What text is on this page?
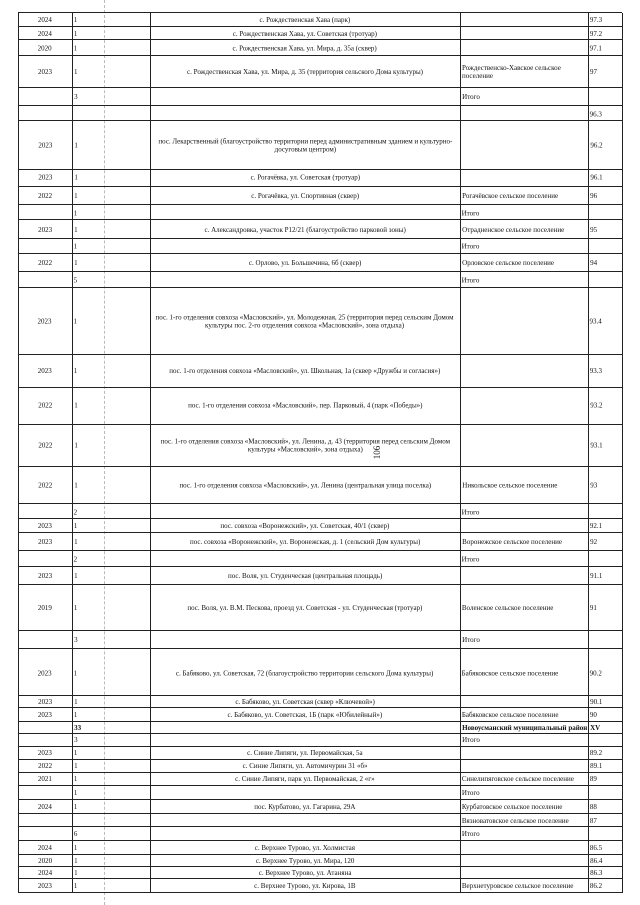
106
86.2
Верхнетуровское сельское поселение
с. Верхнее Турово, ул. Кирова, 1В
1
2023
86.3
с. Верхнее Турово, ул. Атаняна
1
2024
86.4
с. Верхнее Турово, ул. Мира, 120
1
2020
86.5
с. Верхнее Турово, ул. Холмистая
1
2024
Итого
6
87
Вязноватовское сельское поселение
88
Курбатовское сельское поселение
пос. Курбатово, ул. Гагарина, 29А
1
2024
Итого
1
89
Синелипяговское сельское поселение
с. Синие Липяги, парк ул. Первомайская, 2 «г»
1
2021
89.1
с. Синие Липяги, ул. Автомичурин 31 «б»
1
2022
89.2
с. Синие Липяги, ул. Первомайская, 5а
1
2023
Итого
3
XV
Новоусманский муниципальный район
33
90
Бабяковское сельское поселение
с. Бабяково, ул. Советская, 1Б (парк «Юбилейный»)
1
2023
90.1
с. Бабяково, ул. Советская (сквер «Ключевой»)
1
2023
90.2
Бабяковское сельское поселение
с. Бабяково, ул. Советская, 72 (благоустройство территории сельского Дома культуры)
1
2023
Итого
3
91
Воленское сельское поселение
пос. Воля, ул. В.М. Пескова, проезд ул. Советская - ул. Студенческая (тротуар)
1
2019
91.1
пос. Воля, ул. Студенческая (центральная площадь)
1
2023
Итого
2
92
Воронежское сельское поселение
пос. совхоза «Воронежский», ул. Воронежская, д. 1 (сельский Дом культуры)
1
2023
92.1
пос. совхоза «Воронежский», ул. Советская, 40/1 (сквер)
1
2023
Итого
2
93
Никольское сельское поселение
пос. 1-го отделения совхоза «Масловский», ул. Ленина (центральная улица поселка)
1
2022
93.1
пос. 1-го отделения совхоза «Масловский», ул. Ленина, д. 43 (территория перед сельским Домом культуры «Масловский», зона отдыха)
1
2022
93.2
пос. 1-го отделения совхоза «Масловский», пер. Парковый, 4 (парк «Победы»)
1
2022
93.3
пос. 1-го отделения совхоза «Масловский», ул. Школьная, 1а (сквер «Дружбы и согласия»)
1
2023
93.4
пос. 1-го отделения совхоза «Масловский», ул. Молодежная, 25 (территория перед сельским Домом культуры пос. 2-го отделения совхоза «Масловский», зона отдыха)
1
2023
Итого
5
94
Орловское сельское поселение
с. Орлово, ул. Большечина, 6б (сквер)
1
2022
Итого
1
95
Отрадненское сельское поселение
с. Александровка, участок P12/21 (благоустройство парковой зоны)
1
2023
Итого
1
96
Рогачёвское сельское поселение
с. Рогачёвка, ул. Спортивная (сквер)
1
2022
96.1
с. Рогачёвка, ул. Советская (тротуар)
1
2023
96.2
пос. Лекарственный (благоустройство территории перед административным зданием и культурно-досуговым центром)
1
2023
96.3
Итого
3
97
Рождественско-Хавское сельское поселение
с. Рождественская Хава, ул. Мира, д. 35 (территория сельского Дома культуры)
1
2023
97.1
с. Рождественская Хава, ул. Мира, д. 35а (сквер)
1
2020
97.2
с. Рождественская Хава, ул. Советская (тротуар)
1
2024
97.3
с. Рождественская Хава (парк)
1
2024
